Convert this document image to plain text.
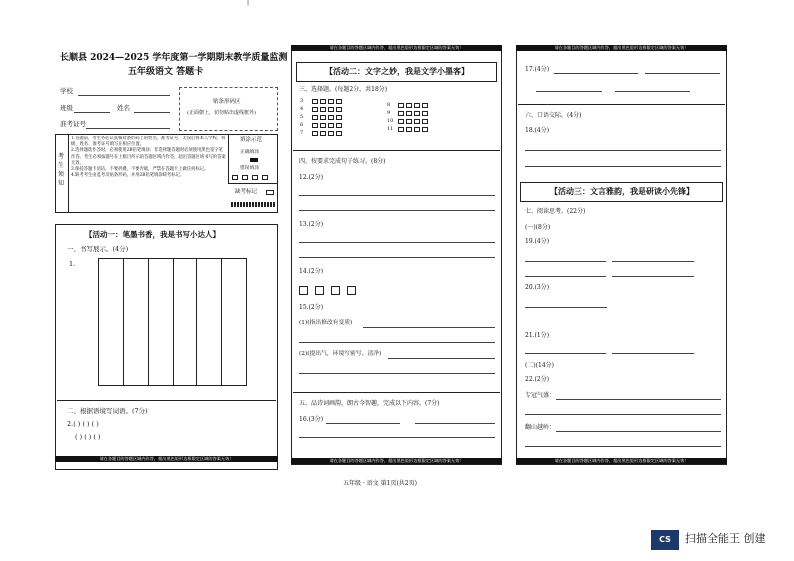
|
长顺县 2024—2025 学年度第一学期期末教学质量监测
五年级语文 答题卡
学校
班级	姓名
准考证号
贴条形码区
(正面朝上，切勿贴出虚线框外)
考生须知
1.答题前，考生务必认真核对条形码上的姓名、准考证号，无误后将本人学校、班级、姓名、准考证号填写在相应位置。
2.选择题选作答时，必须使用2B铅笔填涂；非选择题答题时必须使用黑色签字笔作答。考生必须按题号在上框目所示的答题区域内作答，超出答题区域书写的答案无效。
3.保持答题卡清洁，不要折叠、不要弄破，严禁在答题卡上做任何标记。
4.缺考考生由监考员贴条形码，并用2B铅笔填涂缺考标记。
填涂示范
正确填涂
错误填涂
缺考标记
【活动一：笔墨书香，我是书写小达人】
一、书写展示。(4分)
1.
二、根据语境写词语。(7分)
2.( ) ( ) ( )
( ) ( ) ( )
请在各题目的答题区域内作答，超出黑色矩形边框限定区域的答案无效！
请在各题目的答题区域内作答，超出黑色矩形边框限定区域的答案无效！
【活动二：文字之妙，我是文学小墨客】
三、选择题。(每题2分，共18分)
3
4
5
6
7
8
9
10
11
四、按要求完成句子练习。(8分)
12.(2分)
13.(2分)
14.(2分)
15.(2分)
(1)(指出修改有变质)
(2)(提出气，环境写密写、清净)
五、品诗词画韵，朗古今智趣，完成以下内容。(7分)
16.(3分)
请在各题目的答题区域内作答，超出黑色矩形边框限定区域的答案无效！
请在各题目的答题区域内作答，超出黑色矩形边框限定区域的答案无效！
17.(4分)
六、口语交际。(4分)
18.(4分)
【活动三：文言雅韵，我是研读小先锋】
七、阅读思考。(22分)
(一)(8分)
19.(4分)
20.(3分)
21.(1分)
(二)(14分)
22.(2分)
专冠气盛：
翻山越岭：
请在各题目的答题区域内作答，超出黑色矩形边框限定区域的答案无效！
五年级 · 语文 第1页(共2页)
CS	扫描全能王 创建
